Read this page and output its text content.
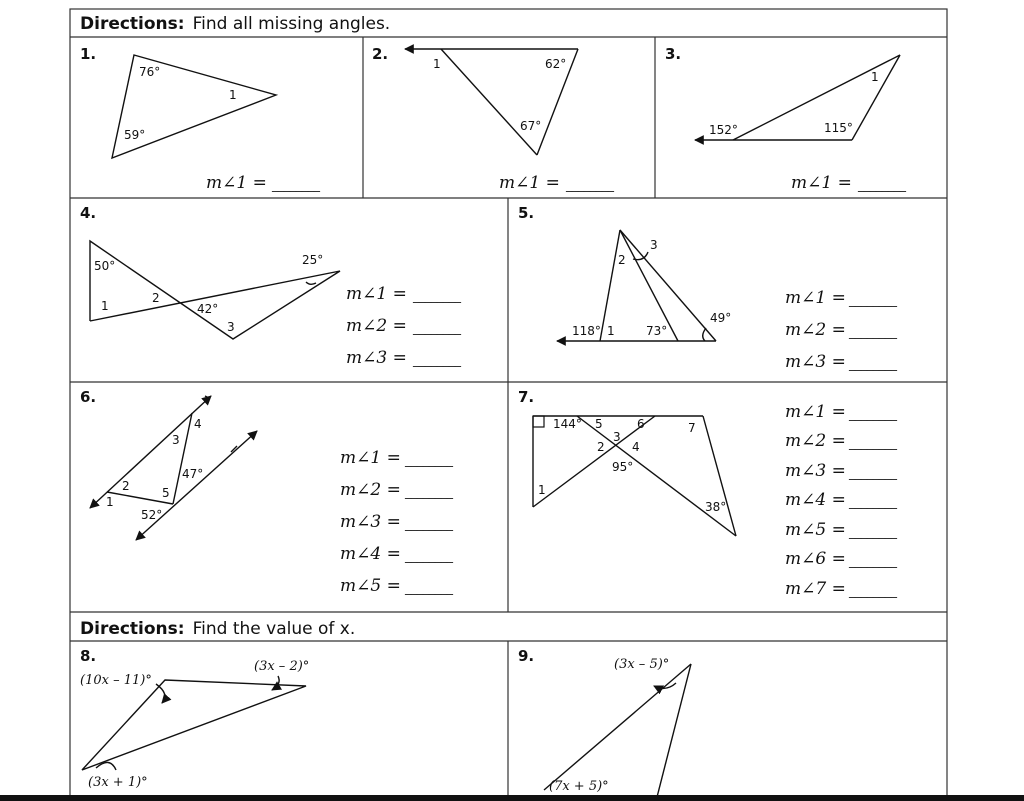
Directions: Find all missing angles.
Directions: Find the value of x.
1.
76°
1
59°
m∠1 = ________
2.
1	62°
67°
m∠1 = ________
3.
1
152°	115°
m∠1 = ________
4.
50°
1
2
42°
3
25°
m∠1 = ________
m∠2 = ________
m∠3 = ________
5.
2
3
118° 1	73°
49°
m∠1 = ________
m∠2 = ________
m∠3 = ________
6.
4
3
47°
2
1
5
52°
m∠1 = ________
m∠2 = ________
m∠3 = ________
m∠4 = ________
m∠5 = ________
7.
144° 5	6	7
3
2 4
95°
1
38°
m∠1 = ________
m∠2 = ________
m∠3 = ________
m∠4 = ________
m∠5 = ________
m∠6 = ________
m∠7 = ________
8.
(10x – 11)°
(3x – 2)°
(3x + 1)°
9.	(3x – 5)°
(7x + 5)°
